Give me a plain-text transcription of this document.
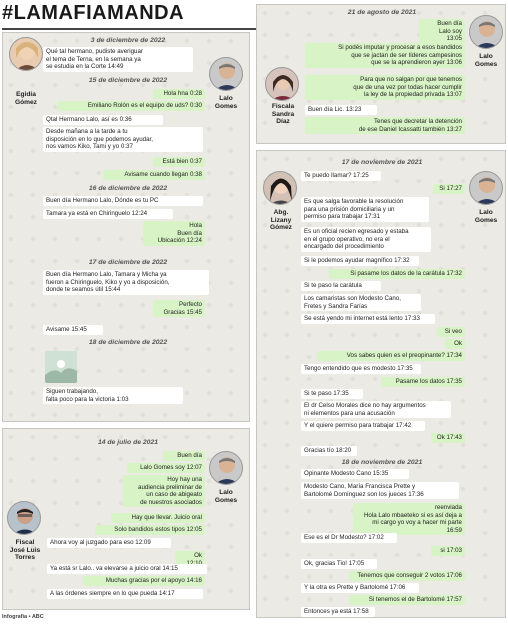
#LAMAFIAMANDA
Egidia
Gómez
Lalo
Gomes
3 de diciembre de 2022
Qué tal hermano, pudiste averiguar
el tema de Terna, en la semana ya
se estudia en la Corte 14:49
15 de diciembre de 2022
Hola hna 0:28
Emiliano Rolón es el equipo de uds? 0:30
Qtal Hermano Lalo, así es 0:36
Desde mañana a la tarde a tu
disposición en lo que podemos ayudar,
nos vamos Kiko, Tami y yo 0:37
Está bien 0:37
Avisame cuando llegan 0:38
16 de diciembre de 2022
Buen día Hermano Lalo, Dónde es tu PC
Tamara ya está en Chiringuelo 12:24
Hola
Buen día
Ubicación 12:24
17 de diciembre de 2022
Buen día Hermano Lalo, Tamara y Micha ya
fueron a Chiringuelo, Kiko y yo a disposición,
donde te seamos útil 15:44
Perfecto
Gracias 15:45
Avisame 15:45
18 de diciembre de 2022
Siguen trabajando,
falta poco para la victoria 1:03
14 de julio de 2021
Lalo
Gomes
Fiscal
José Luis
Torres
Buen día
Lalo Gomes soy 12:07
Hoy hay una
audiencia preliminar de
un caso de abigeato
de nuestros asociados
Hay que llevar. Juicio oral
Solo bandidos estos tipos 12:05
Ahora voy al juzgado para eso 12:09
Ok
Ya está sr Lalo.. va elevarse a juicio oral 14:15
Muchas gracias por el apoyo 14:16
A las órdenes siempre en lo que pueda 14:17
21 de agosto de 2021
Lalo
Gomes
Fiscala
Sandra
Díaz
Buen día
Lalo soy 13:05
Si podés imputar y procesar a esos bandidos
que se jactan de ser líderes campesinos
que se la aprendieron ayer 13:06
Para que no salgan por que tenemos
que de una vez por todas hacer cumplir
la ley de la propiedad privada 13:07
Buen día Lic. 13:23
Tenes que decretar la detención
de ese Daniel Icassatti también 13:27
17 de noviembre de 2021
Abg.
Lizany
Gómez
Lalo
Gomes
Te puedo llamar? 17:25
Si 17:27
Es que salga favorable la resolución
para una prisión domiciliaria y un
permiso para trabajar 17:31
Es un oficial recien egresado y estaba
en el grupo operativo, no era el
encargado del procedimiento
Si le podemos ayudar magnífico 17:32
Si pasame los datos de la carátula 17:32
Si te paso la carátula
Los camaristas son Modesto Cano,
Fretes y Sandra Farías
Se está yendo mi internet está lento 17:33
Si veo
Ok
Vos sabes quien es el preopinante? 17:34
Tengo entendido que es modesto 17:35
Pasame los datos 17:35
Si te paso 17:35
El dr Celso Morales dice no hay argumentos
ni elementos para una acusación
Y el quiere permiso para trabajar 17:42
Ok 17:43
Gracias tío 18:20
18 de noviembre de 2021
Opinante Modesto Cano 15:35
Modesto Cano, María Francisca Prette y
Bartolomé Domínguez son los jueces 17:36
reenviada
Hola Lalo mbaeteko si es así deja a
mi cargo yo voy a hacer mi parte 16:59
Ese es el Dr Modesto? 17:02
si 17:03
Ok, gracias Tio! 17:05
Tenemos que conseguir 2 votos 17:06
Y la otra es Prette y Bartolomé 17:06
Si tenemos el de Bartolomé 17:57
Entonces ya está 17:58
Infografía • ABC
